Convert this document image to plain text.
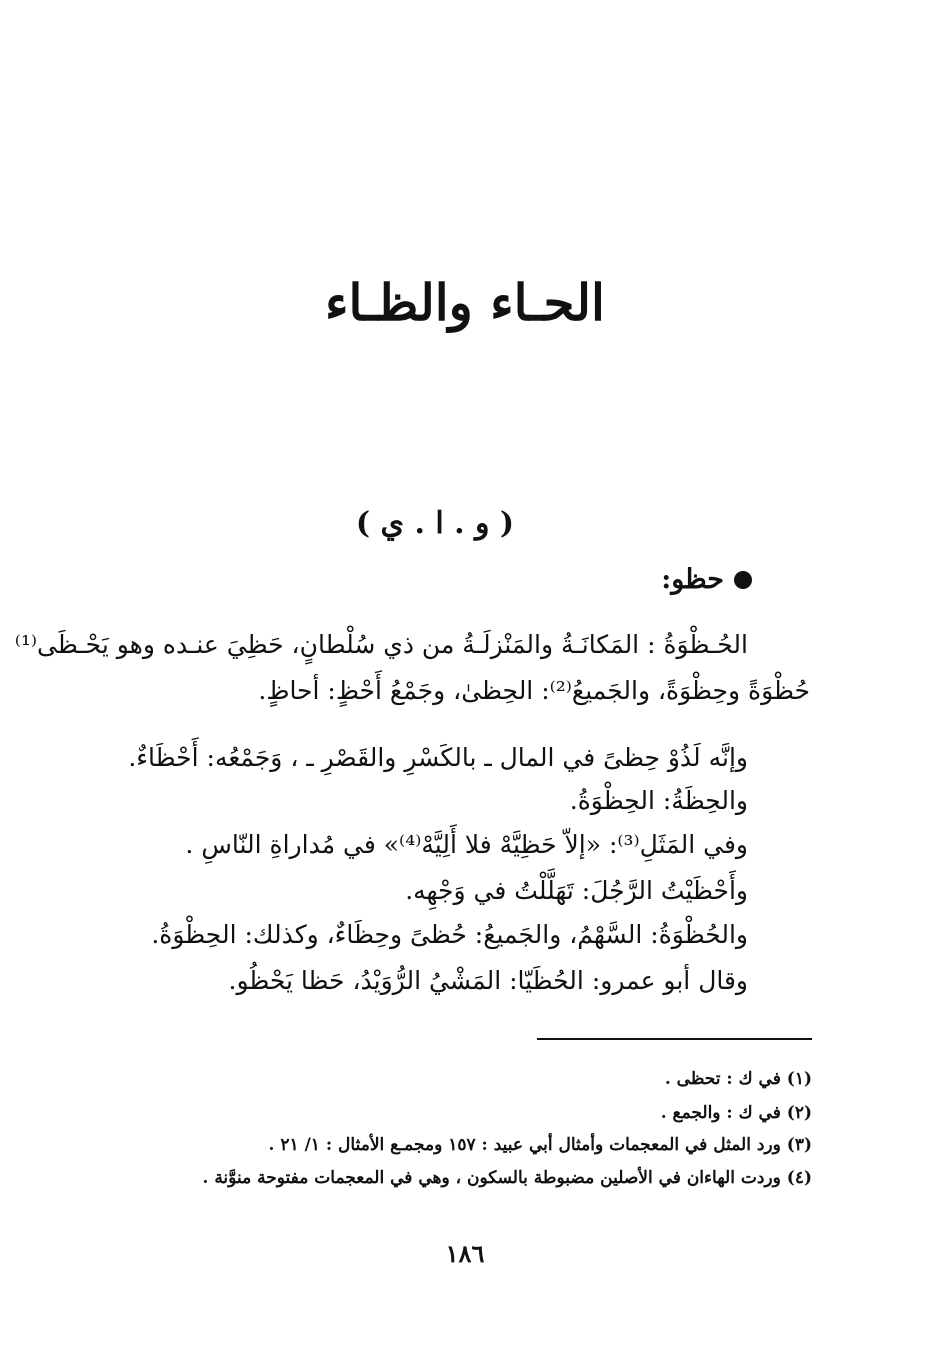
الحـاء والظـاء
( و . ا . ي )
حظو:
الحُـظْوَةُ : المَكانَـةُ والمَنْزلَـةُ من ذي سُلْطانٍ، حَظِيَ عنـده وهو يَحْـظَى⁽¹⁾
حُظْوَةً وحِظْوَةً، والجَميعُ⁽²⁾: الحِظىٰ، وجَمْعُ أَحْظٍ: أحاظٍ.
وإنَّه لَذُوْ حِظىً في المال ـ بالكَسْرِ والقَصْرِ ـ ، وَجَمْعُه: أَحْظَاءٌ.
والحِظَةُ: الحِظْوَةُ.
وفي المَثَلِ⁽³⁾: «إلاّ حَظِيَّهْ فلا أَلِيَّهْ⁽⁴⁾» في مُداراةِ النّاسِ .
وأَحْظَيْتُ الرَّجُلَ: تَهَلَّلْتُ في وَجْهِه.
والحُظْوَةُ: السَّهْمُ، والجَميعُ: حُظىً وحِظَاءٌ، وكذلك: الحِظْوَةُ.
وقال أبو عمرو: الحُظَيّا: المَشْيُ الرُّوَيْدُ، حَظا يَحْظُو.
(١) في ك : تحظى .
(٢) في ك : والجمع .
(٣) ورد المثل في المعجمات وأمثال أبي عبيد : ١٥٧ ومجمـع الأمثال : ١/ ٢١ .
(٤) وردت الهاءان في الأصلين مضبوطة بالسكون ، وهي في المعجمات مفتوحة منوَّنة .
١٨٦
